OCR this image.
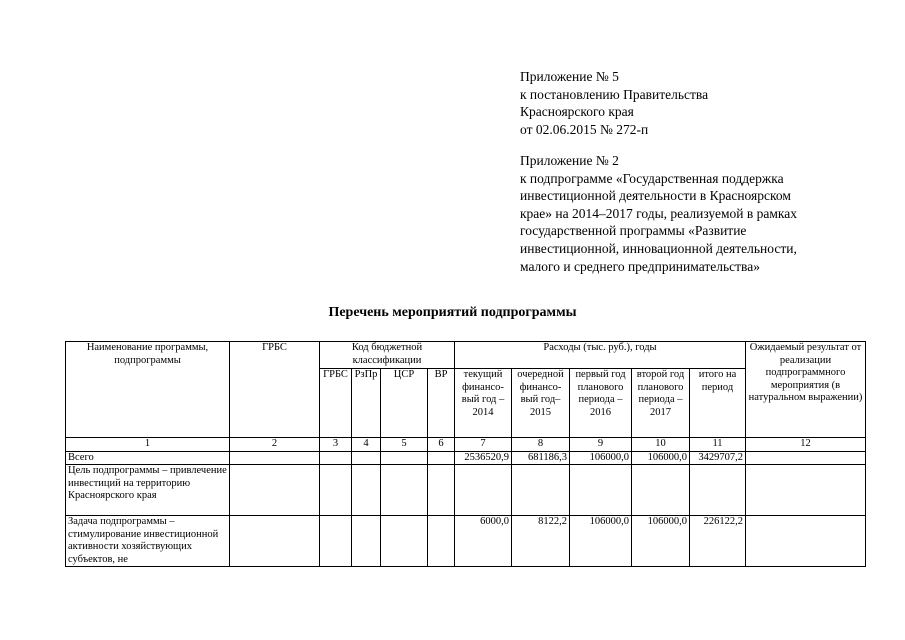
Приложение № 5
к постановлению Правительства
Красноярского края
от 02.06.2015 № 272-п
Приложение № 2
к подпрограмме «Государственная поддержка
инвестиционной деятельности в Красноярском
крае» на 2014–2017 годы, реализуемой в рамках
государственной программы «Развитие
инвестиционной, инновационной деятельности,
малого и среднего предпринимательства»
Перечень мероприятий подпрограммы
Наименование программы, подпрограммы	ГРБС	Код бюджетной классификации				Расходы (тыс. руб.), годы					Ожидаемый результат от реализации подпрограммного мероприятия (в натуральном выражении)
		ГРБС	РзПр	ЦСР	ВР	текущий финансо-вый год – 2014	очередной финансо-вый год– 2015	первый год планового периода – 2016	второй год планового периода – 2017	итого на период	
1	2	3	4	5	6	7	8	9	10	11	12
Всего						2536520,9	681186,3	106000,0	106000,0	3429707,2	

Цель подпрограммы – привлечение инвестиций на территорию Красноярского края											

Задача подпрограммы – стимулирование инвестиционной активности хозяйствующих субъектов, не						6000,0	8122,2	106000,0	106000,0	226122,2	
